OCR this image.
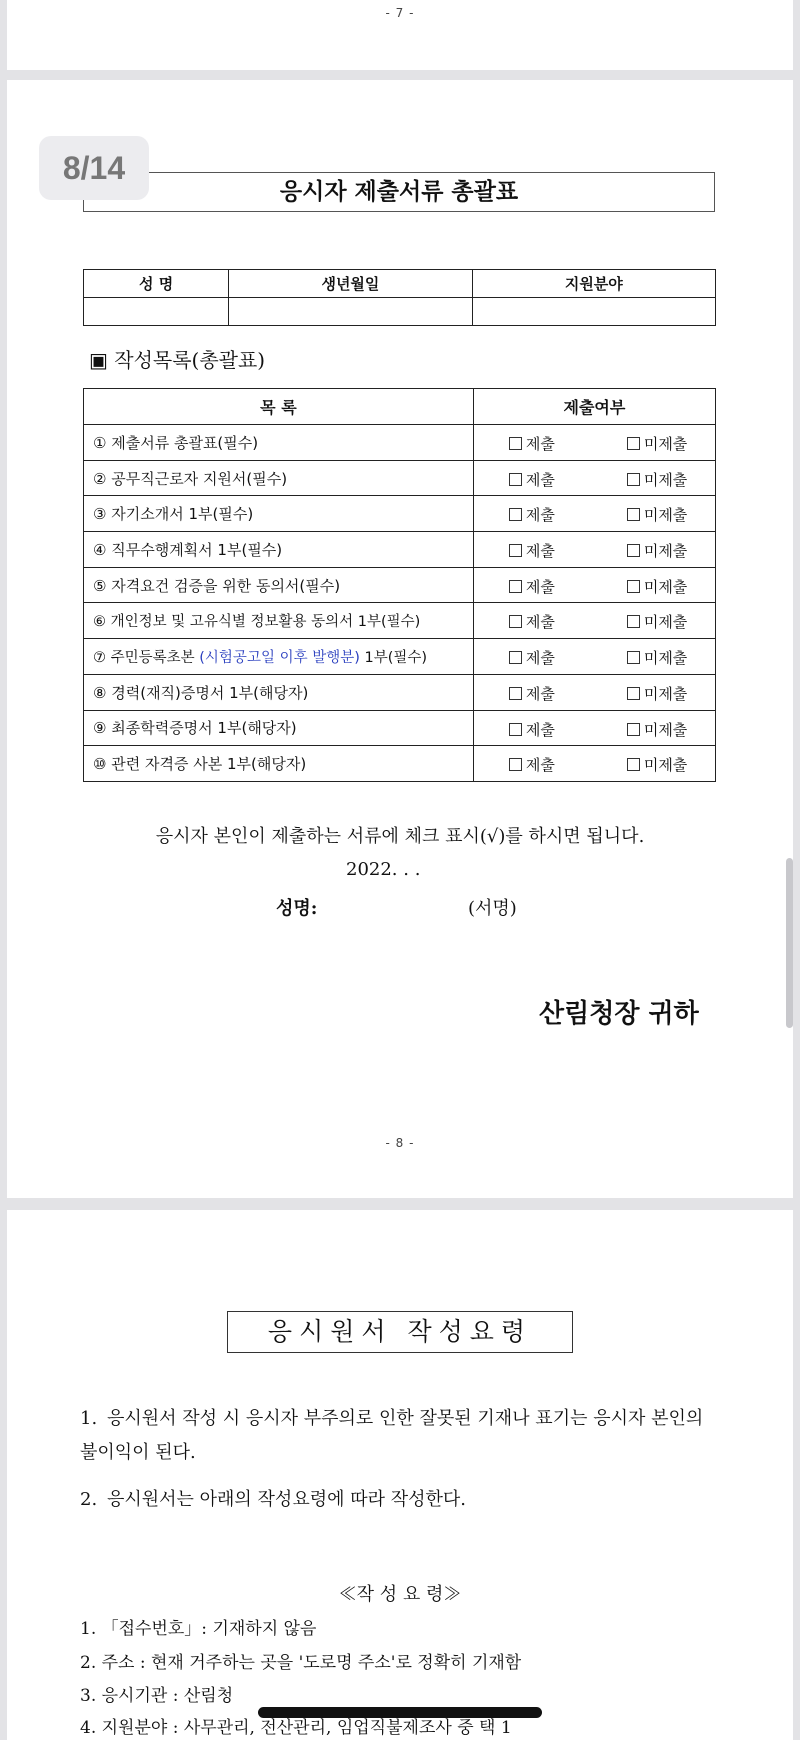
- 7 -
8/14
응시자 제출서류 총괄표
성 명	생년월일	지원분야

▣ 작성목록(총괄표)
목 록	제출여부
① 제출서류 총괄표(필수)	제출 미제출

② 공무직근로자 지원서(필수)	제출 미제출

③ 자기소개서 1부(필수)	제출 미제출

④ 직무수행계획서 1부(필수)	제출 미제출

⑤ 자격요건 검증을 위한 동의서(필수)	제출 미제출

⑥ 개인정보 및 고유식별 정보활용 동의서 1부(필수)	제출 미제출

⑦ 주민등록초본 (시험공고일 이후 발행분) 1부(필수)	제출 미제출

⑧ 경력(재직)증명서 1부(해당자)	제출 미제출

⑨ 최종학력증명서 1부(해당자)	제출 미제출

⑩ 관련 자격증 사본 1부(해당자)	제출 미제출
응시자 본인이 제출하는 서류에 체크 표시(√)를 하시면 됩니다.
2022. . .
성명:	(서명)
산림청장 귀하
- 8 -
응시원서 작성요령
1. 응시원서 작성 시 응시자 부주의로 인한 잘못된 기재나 표기는 응시자 본인의 불이익이 된다.
2. 응시원서는 아래의 작성요령에 따라 작성한다.
≪작 성 요 령≫
1. 「접수번호」: 기재하지 않음
2. 주소 : 현재 거주하는 곳을 '도로명 주소'로 정확히 기재함
3. 응시기관 : 산림청
4. 지원분야 : 사무관리, 전산관리, 임업직불제조사 중 택 1
